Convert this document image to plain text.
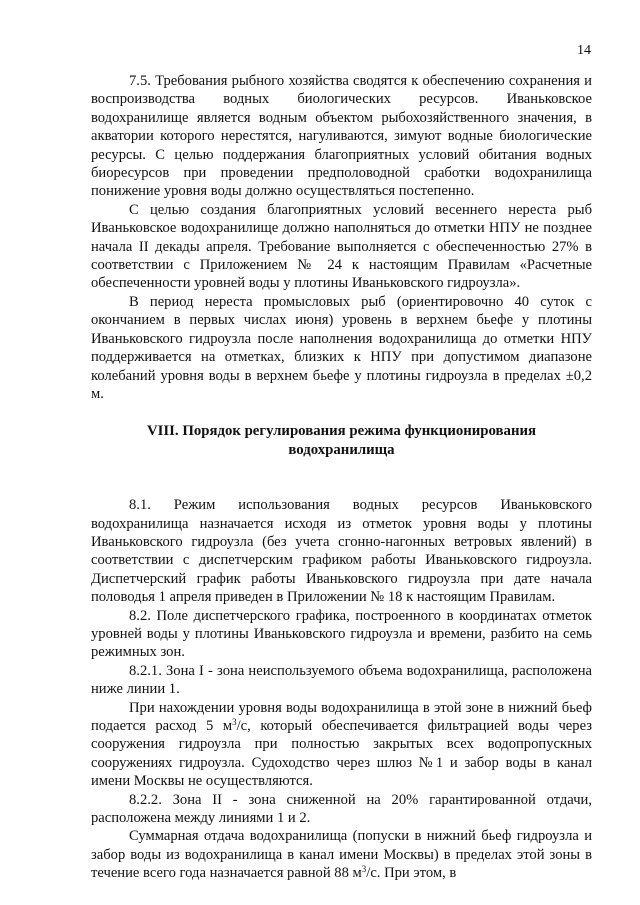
14

7.5. Требования рыбного хозяйства сводятся к обеспечению сохранения и воспроизводства водных биологических ресурсов. Иваньковское водохранилище является водным объектом рыбохозяйственного значения, в акватории которого нерестятся, нагуливаются, зимуют водные биологические ресурсы. С целью поддержания благоприятных условий обитания водных биоресурсов при проведении предполоводной сработки водохранилища понижение уровня воды должно осуществляться постепенно.

С целью создания благоприятных условий весеннего нереста рыб Иваньковское водохранилище должно наполняться до отметки НПУ не позднее начала II декады апреля. Требование выполняется с обеспеченностью 27% в соответствии с Приложением № 24 к настоящим Правилам «Расчетные обеспеченности уровней воды у плотины Иваньковского гидроузла».

В период нереста промысловых рыб (ориентировочно 40 суток с окончанием в первых числах июня) уровень в верхнем бьефе у плотины Иваньковского гидроузла после наполнения водохранилища до отметки НПУ поддерживается на отметках, близких к НПУ при допустимом диапазоне колебаний уровня воды в верхнем бьефе у плотины гидроузла в пределах ±0,2 м.

VIII. Порядок регулирования режима функционирования
водохранилища

8.1. Режим использования водных ресурсов Иваньковского водохранилища назначается исходя из отметок уровня воды у плотины Иваньковского гидроузла (без учета сгонно-нагонных ветровых явлений) в соответствии с диспетчерским графиком работы Иваньковского гидроузла. Диспетчерский график работы Иваньковского гидроузла при дате начала половодья 1 апреля приведен в Приложении № 18 к настоящим Правилам.

8.2. Поле диспетчерского графика, построенного в координатах отметок уровней воды у плотины Иваньковского гидроузла и времени, разбито на семь режимных зон.

8.2.1. Зона I - зона неиспользуемого объема водохранилища, расположена ниже линии 1.

При нахождении уровня воды водохранилища в этой зоне в нижний бьеф подается расход 5 $м^3/с$, который обеспечивается фильтрацией воды через сооружения гидроузла при полностью закрытых всех водопропускных сооружениях гидроузла. Судоходство через шлюз №1 и забор воды в канал имени Москвы не осуществляются.

8.2.2. Зона II - зона сниженной на 20% гарантированной отдачи, расположена между линиями 1 и 2.

Суммарная отдача водохранилища (попуски в нижний бьеф гидроузла и забор воды из водохранилища в канал имени Москвы) в пределах этой зоны в течение всего года назначается равной 88 $м^3/с$. При этом, в
